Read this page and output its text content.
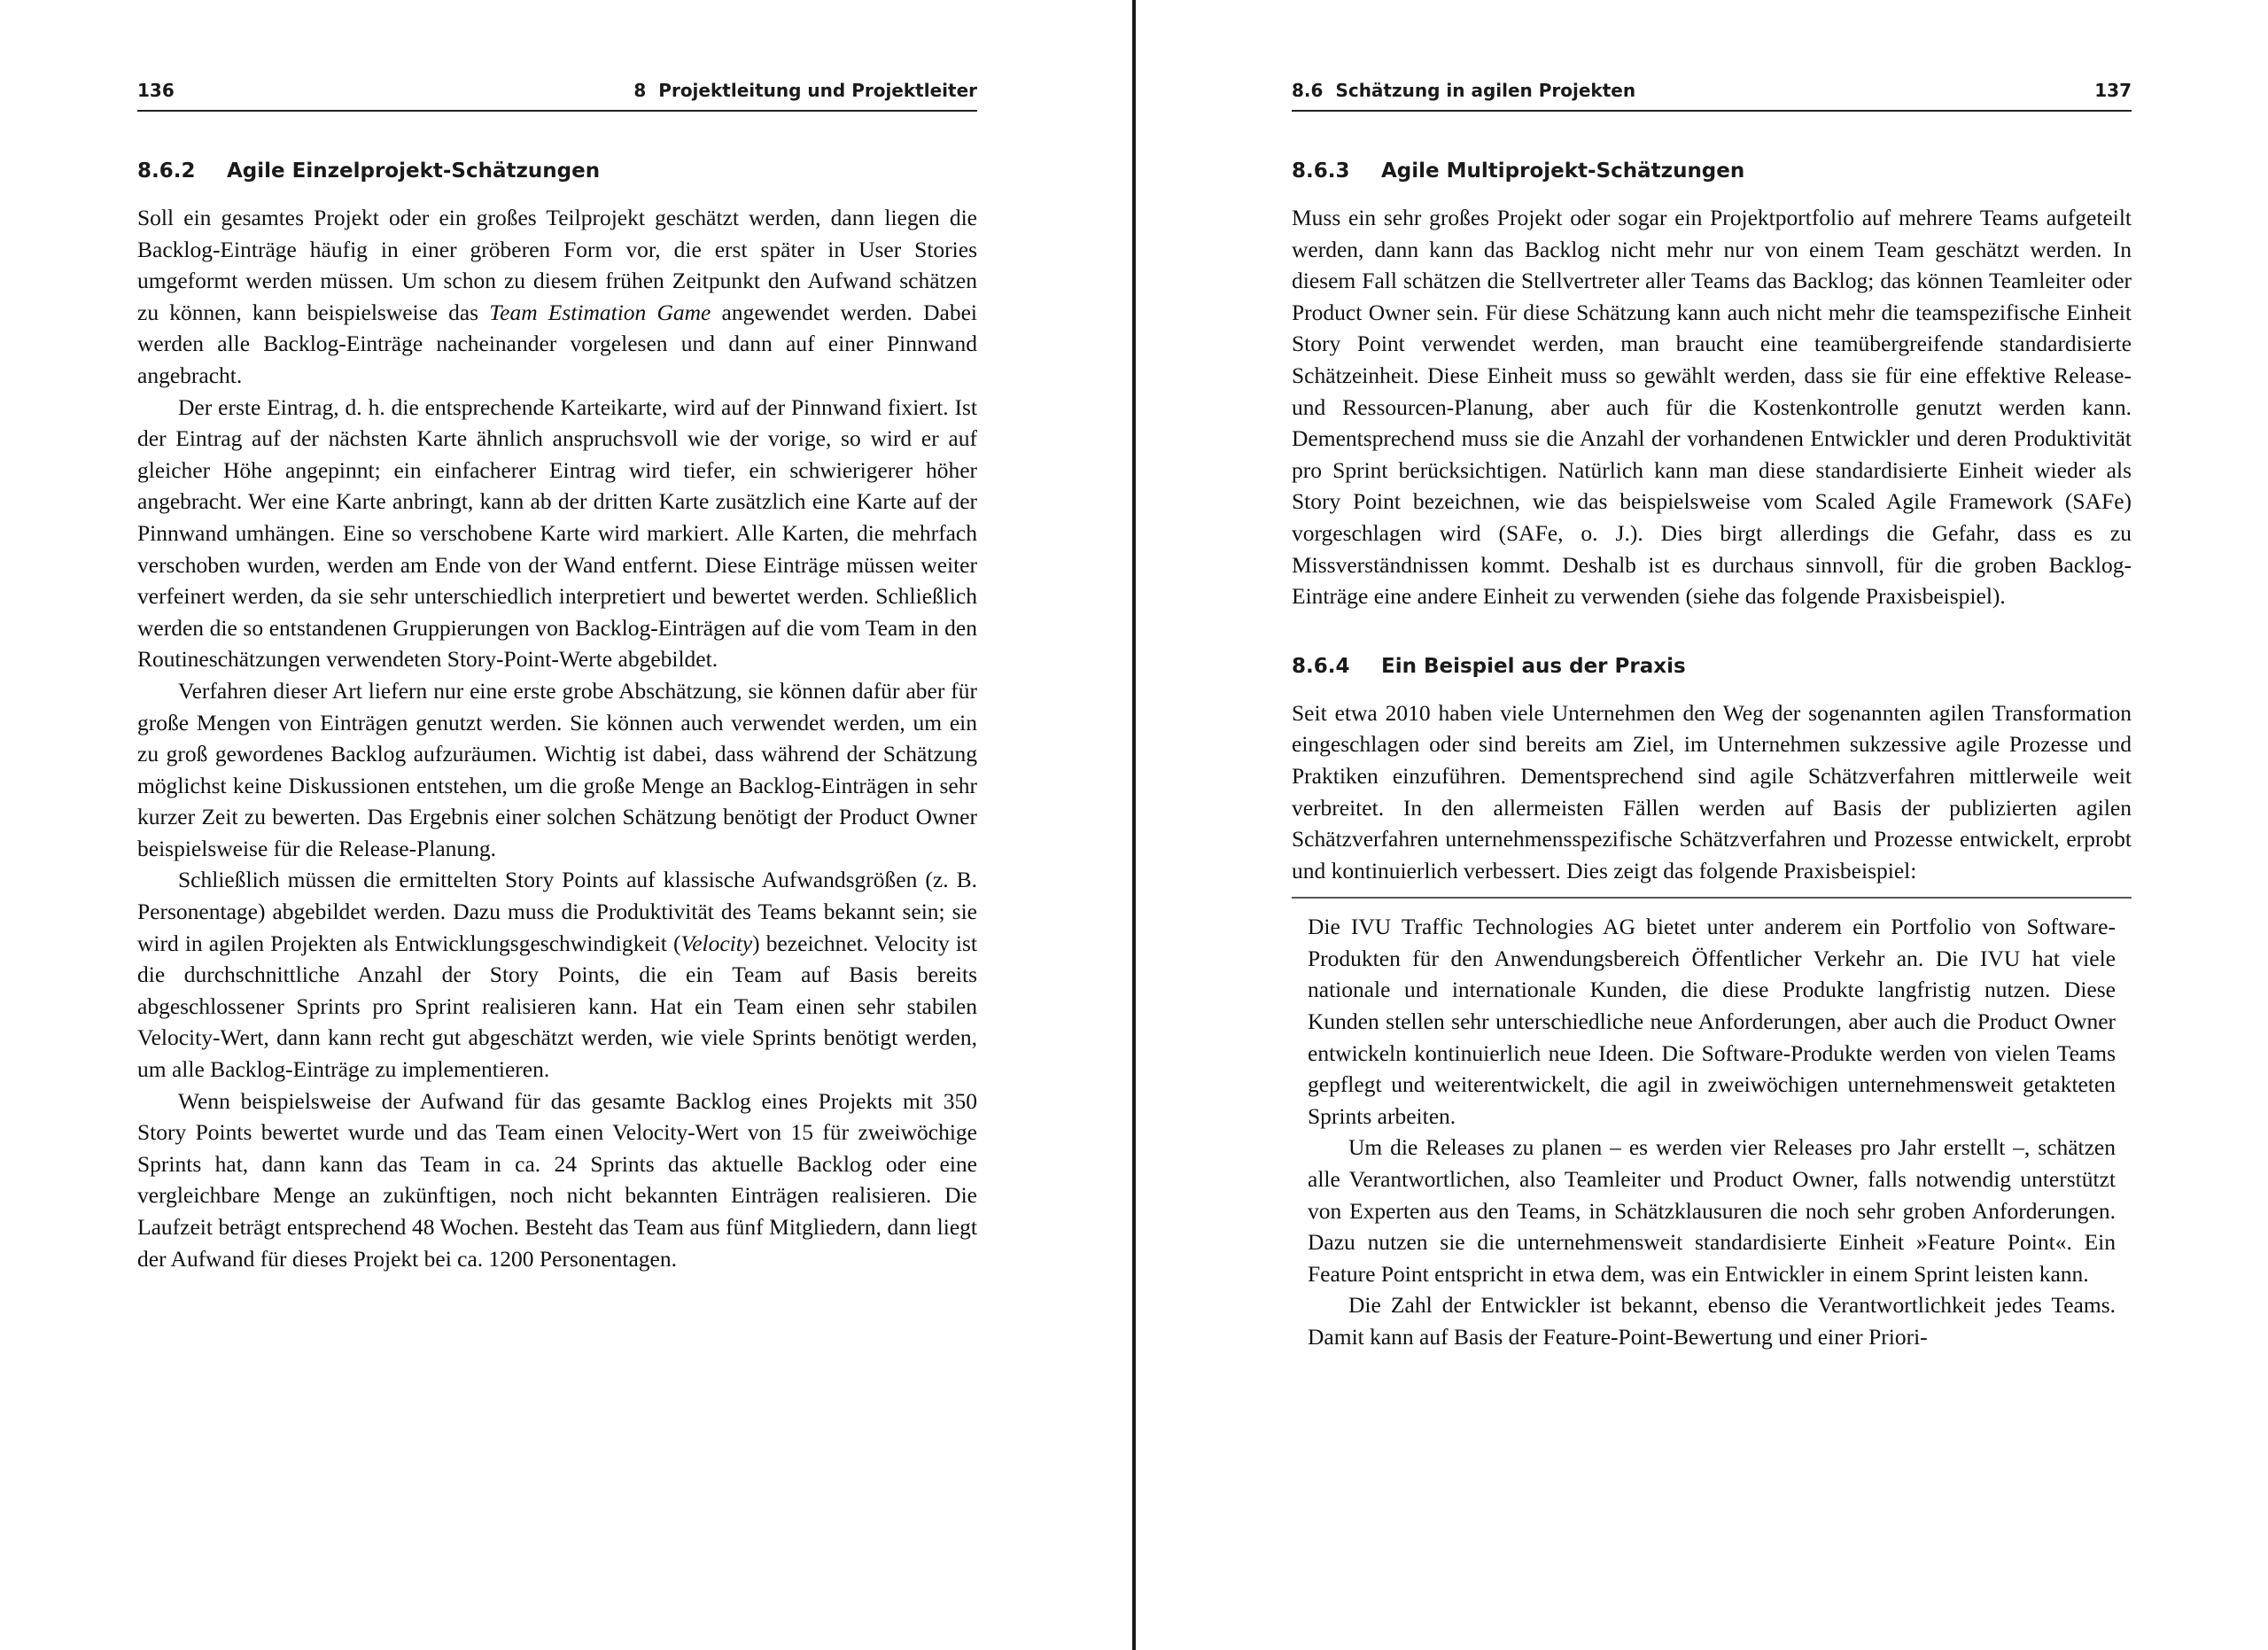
136	8 Projektleitung und Projektleiter
8.6.2 Agile Einzelprojekt-Schätzungen

Soll ein gesamtes Projekt oder ein großes Teilprojekt geschätzt werden, dann liegen die Backlog-Einträge häufig in einer gröberen Form vor, die erst später in User Stories umgeformt werden müssen. Um schon zu diesem frühen Zeitpunkt den Aufwand schätzen zu können, kann beispielsweise das Team Estimation Game angewendet werden. Dabei werden alle Backlog-Einträge nacheinander vorgelesen und dann auf einer Pinnwand angebracht.

Der erste Eintrag, d. h. die entsprechende Karteikarte, wird auf der Pinnwand fixiert. Ist der Eintrag auf der nächsten Karte ähnlich anspruchsvoll wie der vorige, so wird er auf gleicher Höhe angepinnt; ein einfacherer Eintrag wird tiefer, ein schwierigerer höher angebracht. Wer eine Karte anbringt, kann ab der dritten Karte zusätzlich eine Karte auf der Pinnwand umhängen. Eine so verschobene Karte wird markiert. Alle Karten, die mehrfach verschoben wurden, werden am Ende von der Wand entfernt. Diese Einträge müssen weiter verfeinert werden, da sie sehr unterschiedlich interpretiert und bewertet werden. Schließlich werden die so entstandenen Gruppierungen von Backlog-Einträgen auf die vom Team in den Routineschätzungen verwendeten Story-Point-Werte abgebildet.

Verfahren dieser Art liefern nur eine erste grobe Abschätzung, sie können dafür aber für große Mengen von Einträgen genutzt werden. Sie können auch verwendet werden, um ein zu groß gewordenes Backlog aufzuräumen. Wichtig ist dabei, dass während der Schätzung möglichst keine Diskussionen entstehen, um die große Menge an Backlog-Einträgen in sehr kurzer Zeit zu bewerten. Das Ergebnis einer solchen Schätzung benötigt der Product Owner beispielsweise für die Release-Planung.

Schließlich müssen die ermittelten Story Points auf klassische Aufwandsgrößen (z. B. Personentage) abgebildet werden. Dazu muss die Produktivität des Teams bekannt sein; sie wird in agilen Projekten als Entwicklungsgeschwindigkeit (Velocity) bezeichnet. Velocity ist die durchschnittliche Anzahl der Story Points, die ein Team auf Basis bereits abgeschlossener Sprints pro Sprint realisieren kann. Hat ein Team einen sehr stabilen Velocity-Wert, dann kann recht gut abgeschätzt werden, wie viele Sprints benötigt werden, um alle Backlog-Einträge zu implementieren.

Wenn beispielsweise der Aufwand für das gesamte Backlog eines Projekts mit 350 Story Points bewertet wurde und das Team einen Velocity-Wert von 15 für zweiwöchige Sprints hat, dann kann das Team in ca. 24 Sprints das aktuelle Backlog oder eine vergleichbare Menge an zukünftigen, noch nicht bekannten Einträgen realisieren. Die Laufzeit beträgt entsprechend 48 Wochen. Besteht das Team aus fünf Mitgliedern, dann liegt der Aufwand für dieses Projekt bei ca. 1200 Personentagen.

8.6 Schätzung in agilen Projekten	137
8.6.3 Agile Multiprojekt-Schätzungen

Muss ein sehr großes Projekt oder sogar ein Projektportfolio auf mehrere Teams aufgeteilt werden, dann kann das Backlog nicht mehr nur von einem Team geschätzt werden. In diesem Fall schätzen die Stellvertreter aller Teams das Backlog; das können Teamleiter oder Product Owner sein. Für diese Schätzung kann auch nicht mehr die teamspezifische Einheit Story Point verwendet werden, man braucht eine teamübergreifende standardisierte Schätzeinheit. Diese Einheit muss so gewählt werden, dass sie für eine effektive Release- und Ressourcen-Planung, aber auch für die Kostenkontrolle genutzt werden kann. Dementsprechend muss sie die Anzahl der vorhandenen Entwickler und deren Produktivität pro Sprint berücksichtigen. Natürlich kann man diese standardisierte Einheit wieder als Story Point bezeichnen, wie das beispielsweise vom Scaled Agile Framework (SAFe) vorgeschlagen wird (SAFe, o. J.). Dies birgt allerdings die Gefahr, dass es zu Missverständnissen kommt. Deshalb ist es durchaus sinnvoll, für die groben Backlog-Einträge eine andere Einheit zu verwenden (siehe das folgende Praxisbeispiel).

8.6.4 Ein Beispiel aus der Praxis

Seit etwa 2010 haben viele Unternehmen den Weg der sogenannten agilen Transformation eingeschlagen oder sind bereits am Ziel, im Unternehmen sukzessive agile Prozesse und Praktiken einzuführen. Dementsprechend sind agile Schätzverfahren mittlerweile weit verbreitet. In den allermeisten Fällen werden auf Basis der publizierten agilen Schätzverfahren unternehmensspezifische Schätzverfahren und Prozesse entwickelt, erprobt und kontinuierlich verbessert. Dies zeigt das folgende Praxisbeispiel:

Die IVU Traffic Technologies AG bietet unter anderem ein Portfolio von Software-Produkten für den Anwendungsbereich Öffentlicher Verkehr an. Die IVU hat viele nationale und internationale Kunden, die diese Produkte langfristig nutzen. Diese Kunden stellen sehr unterschiedliche neue Anforderungen, aber auch die Product Owner entwickeln kontinuierlich neue Ideen. Die Software-Produkte werden von vielen Teams gepflegt und weiterentwickelt, die agil in zweiwöchigen unternehmensweit getakteten Sprints arbeiten.

Um die Releases zu planen – es werden vier Releases pro Jahr erstellt –, schätzen alle Verantwortlichen, also Teamleiter und Product Owner, falls notwendig unterstützt von Experten aus den Teams, in Schätzklausuren die noch sehr groben Anforderungen. Dazu nutzen sie die unternehmensweit standardisierte Einheit »Feature Point«. Ein Feature Point entspricht in etwa dem, was ein Entwickler in einem Sprint leisten kann.

Die Zahl der Entwickler ist bekannt, ebenso die Verantwortlichkeit jedes Teams. Damit kann auf Basis der Feature-Point-Bewertung und einer Priori-
